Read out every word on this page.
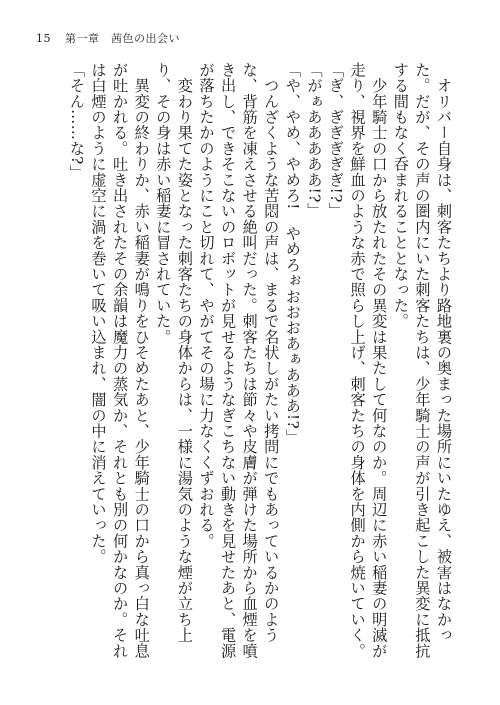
15 第一章　茜色の出会い

　オリバー自身は、刺客たちより路地裏の奥まった場所にいたゆえ、被害はなかった。だが、その声の圏内にいた刺客たちは、少年騎士の声が引き起こした異変に抵抗する間もなく呑まれることとなった。

　少年騎士の口から放たれたその異変は果たして何なのか。周辺に赤い稲妻の明滅が走り、視界を鮮血のような赤で照らし上げ、刺客たちの身体を内側から焼いていく。

「ぎ、ぎぎぎぎぎ!?」

「がぁあああああ!?」

「や、やめ、やめろ!　やめろぉおおおあぁあああ!?」

　つんざくような苦悶の声は、まるで名状しがたい拷問にでもあっているかのような、背筋を凍えさせる絶叫だった。刺客たちは節々や皮膚が弾けた場所から血煙を噴き出し、できそこないのロボットが見せるようなぎこちない動きを見せたあと、電源が落ちたかのようにこと切れて、やがてその場に力なくくずおれる。

　変わり果てた姿となった刺客たちの身体からは、一様に湯気のような煙が立ち上り、その身は赤い稲妻に冒されていた。

　異変の終わりか、赤い稲妻が鳴りをひそめたあと、少年騎士の口から真っ白な吐息が吐かれる。吐き出されたその余韻は魔力の蒸気か、それとも別の何かなのか。それは白煙のように虚空に渦を巻いて吸い込まれ、闇の中に消えていった。

「そん……な?」
